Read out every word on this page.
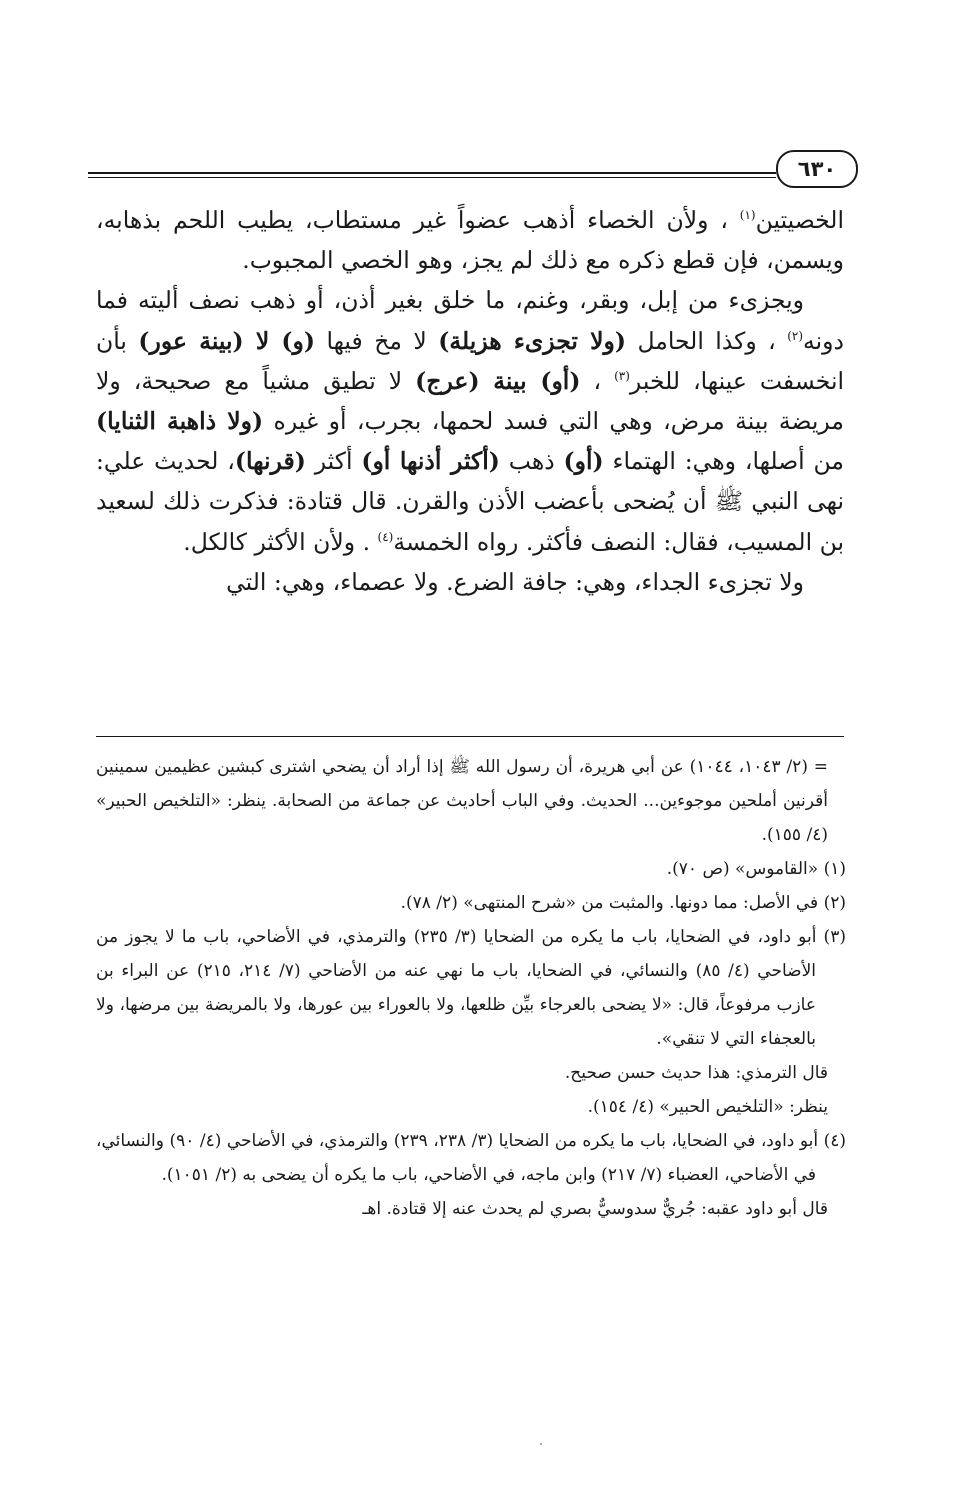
٦٣٠

الخصيتين$^{(١)}$ ، ولأن الخصاء أذهب عضواً غير مستطاب، يطيب اللحم بذهابه، ويسمن، فإن قطع ذكره مع ذلك لم يجز، وهو الخصي المجبوب.

ويجزىء من إبل، وبقر، وغنم، ما خلق بغير أذن، أو ذهب نصف أليته فما دونه$^{(٢)}$ ، وكذا الحامل (ولا تجزىء هزيلة) لا مخ فيها (و) لا (بينة عور) بأن انخسفت عينها، للخبر$^{(٣)}$ ، (أو) بينة (عرج) لا تطيق مشياً مع صحيحة، ولا مريضة بينة مرض، وهي التي فسد لحمها، بجرب، أو غيره (ولا ذاهبة الثنايا) من أصلها، وهي: الهتماء (أو) ذهب (أكثر أذنها أو) أكثر (قرنها)، لحديث علي: نهى النبي ﷺ أن يُضحى بأعضب الأذن والقرن. قال قتادة: فذكرت ذلك لسعيد بن المسيب، فقال: النصف فأكثر. رواه الخمسة$^{(٤)}$ . ولأن الأكثر كالكل.

ولا تجزىء الجداء، وهي: جافة الضرع. ولا عصماء، وهي: التي

= (٢/ ١٠٤٣، ١٠٤٤) عن أبي هريرة، أن رسول الله ﷺ إذا أراد أن يضحي اشترى كبشين عظيمين سمينين أقرنين أملحين موجوءين... الحديث. وفي الباب أحاديث عن جماعة من الصحابة. ينظر: «التلخيص الحبير» (٤/ ١٥٥).

(١) «القاموس» (ص ٧٠).

(٢) في الأصل: مما دونها. والمثبت من «شرح المنتهى» (٢/ ٧٨).

(٣) أبو داود، في الضحايا، باب ما يكره من الضحايا (٣/ ٢٣٥) والترمذي، في الأضاحي، باب ما لا يجوز من الأضاحي (٤/ ٨٥) والنسائي، في الضحايا، باب ما نهي عنه من الأضاحي (٧/ ٢١٤، ٢١٥) عن البراء بن عازب مرفوعاً، قال: «لا يضحى بالعرجاء بيِّن ظلعها، ولا بالعوراء بين عورها، ولا بالمريضة بين مرضها، ولا بالعجفاء التي لا تنقي».

قال الترمذي: هذا حديث حسن صحيح.

ينظر: «التلخيص الحبير» (٤/ ١٥٤).

(٤) أبو داود، في الضحايا، باب ما يكره من الضحايا (٣/ ٢٣٨، ٢٣٩) والترمذي، في الأضاحي (٤/ ٩٠) والنسائي، في الأضاحي، العضباء (٧/ ٢١٧) وابن ماجه، في الأضاحي، باب ما يكره أن يضحى به (٢/ ١٠٥١).

قال أبو داود عقبه: جُريٌّ سدوسيٌّ بصري لم يحدث عنه إلا قتادة. اهـ
